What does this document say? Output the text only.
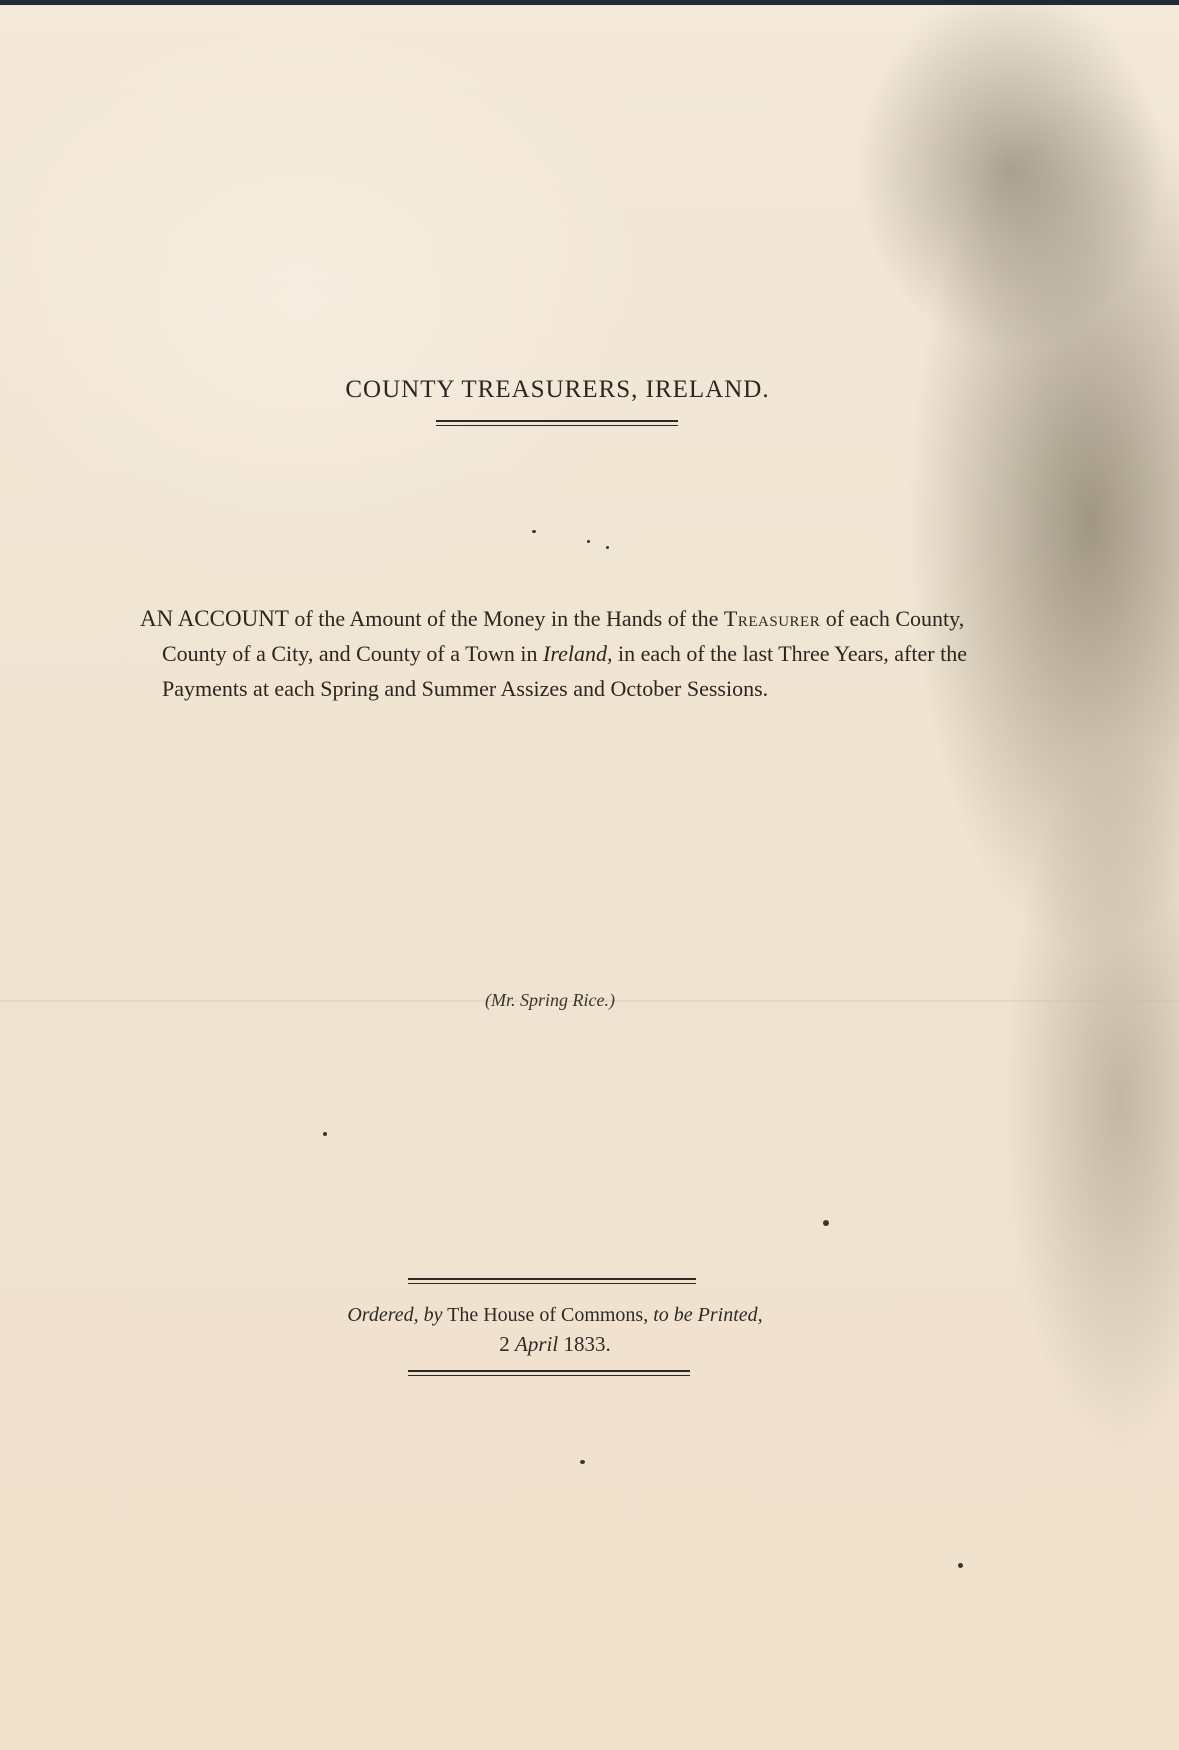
COUNTY TREASURERS, IRELAND.

AN ACCOUNT of the Amount of the Money in the Hands of the Treasurer of each County, County of a City, and County of a Town in Ireland, in each of the last Three Years, after the Payments at each Spring and Summer Assizes and October Sessions.

(Mr. Spring Rice.)
Ordered, by The House of Commons, to be Printed,
2 April 1833.
